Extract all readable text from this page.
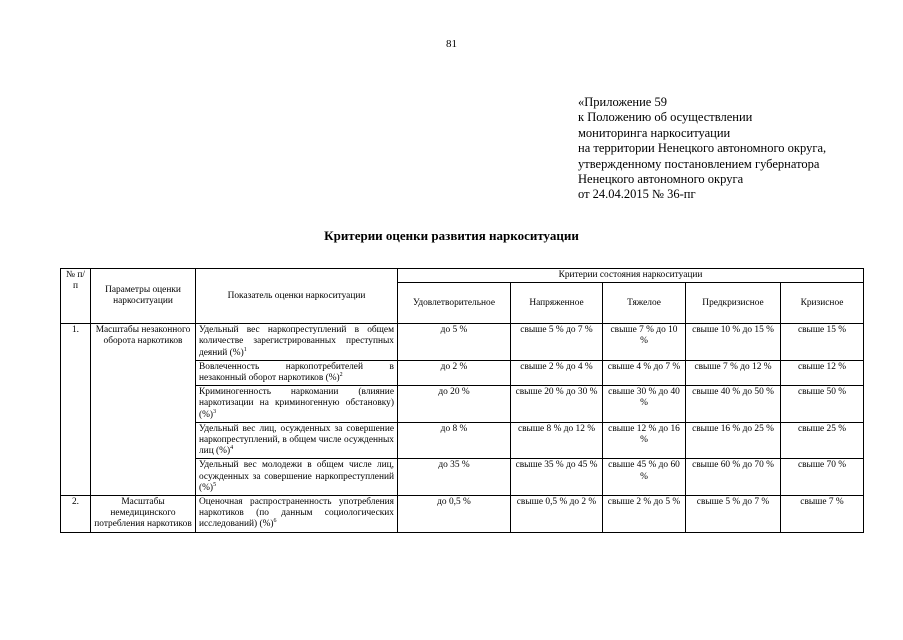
81
«Приложение 59
к Положению об осуществлении
мониторинга наркоситуации
на территории Ненецкого автономного округа,
утвержденному постановлением губернатора
Ненецкого автономного округа
от 24.04.2015 № 36-пг
Критерии оценки развития наркоситуации
№ п/п	Параметры оценки наркоситуации	Показатель оценки наркоситуации	Критерии состояния наркоситуации				
			Удовлетворительное	Напряженное	Тяжелое	Предкризисное	Кризисное
1.	Масштабы незаконного оборота наркотиков	Удельный вес наркопреступлений в общем количестве зарегистрированных преступных деяний (%)$^1$	до 5 %	свыше 5 % до 7 %	свыше 7 % до 10 %	свыше 10 % до 15 %	свыше 15 %
		Вовлеченность наркопотребителей в незаконный оборот наркотиков (%)$^2$	до 2 %	свыше 2 % до 4 %	свыше 4 % до 7 %	свыше 7 % до 12 %	свыше 12 %
		Криминогенность наркомании (влияние наркотизации на криминогенную обстановку) (%)$^3$	до 20 %	свыше 20 % до 30 %	свыше 30 % до 40 %	свыше 40 % до 50 %	свыше 50 %
		Удельный вес лиц, осужденных за совершение наркопреступлений, в общем числе осужденных лиц (%)$^4$	до 8 %	свыше 8 % до 12 %	свыше 12 % до 16 %	свыше 16 % до 25 %	свыше 25 %
		Удельный вес молодежи в общем числе лиц, осужденных за совершение наркопреступлений (%)$^5$	до 35 %	свыше 35 % до 45 %	свыше 45 % до 60 %	свыше 60 % до 70 %	свыше 70 %
2.	Масштабы немедицинского потребления наркотиков	Оценочная распространенность употребления наркотиков (по данным социологических исследований) (%)$^6$	до 0,5 %	свыше 0,5 % до 2 %	свыше 2 % до 5 %	свыше 5 % до 7 %	свыше 7 %
